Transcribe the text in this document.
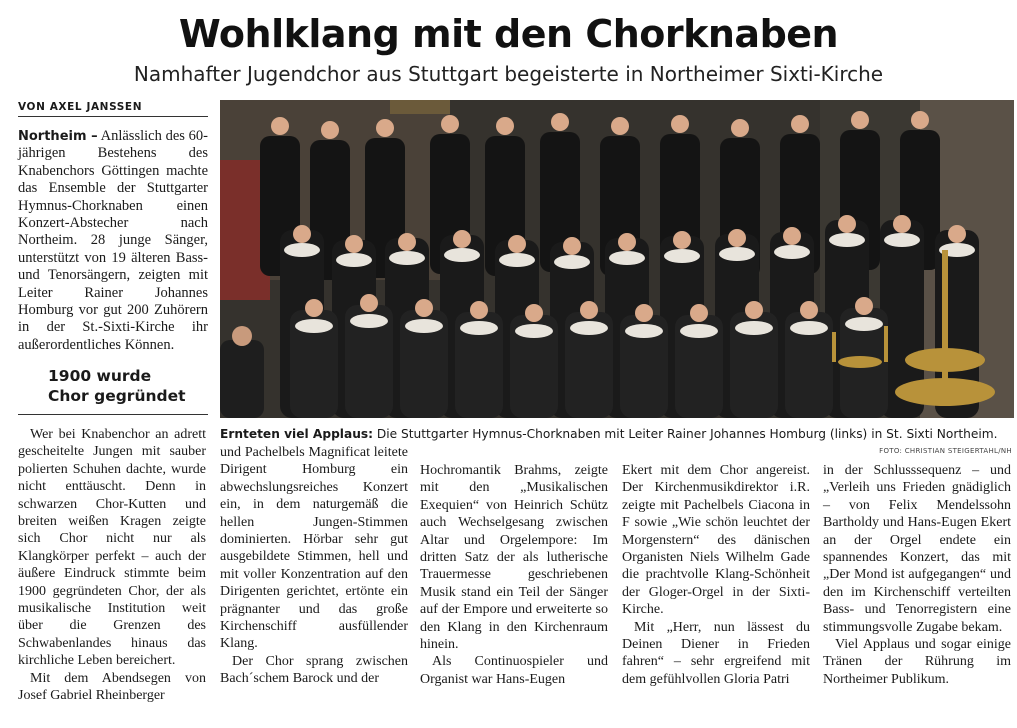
Wohlklang mit den Chorknaben
Namhafter Jugendchor aus Stuttgart begeisterte in Northeimer Sixti-Kirche
VON AXEL JANSSEN
Northeim – Anlässlich des 60-jährigen Bestehens des Knabenchors Göttingen machte das Ensemble der Stuttgarter Hymnus-Chorknaben einen Konzert-Abstecher nach Northeim. 28 junge Sänger, unterstützt von 19 älteren Bass- und Tenorsängern, zeigten mit Leiter Rainer Johannes Homburg vor gut 200 Zuhörern in der St.-Sixti-Kirche ihr außerordentliches Können.
1900 wurde
Chor gegründet
Ernteten viel Applaus: Die Stuttgarter Hymnus-Chorknaben mit Leiter Rainer Johannes Homburg (links) in St. Sixti Northeim.
FOTO: CHRISTIAN STEIGERTAHL/NH

Wer bei Knabenchor an adrett gescheitelte Jungen mit sauber polierten Schuhen dachte, wurde nicht enttäuscht. Denn in schwarzen Chor-Kutten und breiten weißen Kragen zeigte sich Chor nicht nur als Klangkörper perfekt – auch der äußere Eindruck stimmte beim 1900 gegründeten Chor, der als musikalische Institution weit über die Grenzen des Schwabenlandes hinaus das kirchliche Leben bereichert.

Mit dem Abendsegen von Josef Gabriel Rheinberger

und Pachelbels Magnificat leitete Dirigent Homburg ein abwechslungsreiches Konzert ein, in dem naturgemäß die hellen Jungen-Stimmen dominierten. Hörbar sehr gut ausgebildete Stimmen, hell und mit voller Konzentration auf den Dirigenten gerichtet, ertönte ein prägnanter und das große Kirchenschiff ausfüllender Klang.

Der Chor sprang zwischen Bach´schem Barock und der

Hochromantik Brahms, zeigte mit den „Musikalischen Exequien“ von Heinrich Schütz auch Wechselgesang zwischen Altar und Orgelempore: Im dritten Satz der als lutherische Trauermesse geschriebenen Musik stand ein Teil der Sänger auf der Empore und erweiterte so den Klang in den Kirchenraum hinein.

Als Continuospieler und Organist war Hans-Eugen

Ekert mit dem Chor angereist. Der Kirchenmusikdirektor i.R. zeigte mit Pachelbels Ciacona in F sowie „Wie schön leuchtet der Morgenstern“ des dänischen Organisten Niels Wilhelm Gade die prachtvolle Klang-Schönheit der Gloger-Orgel in der Sixti-Kirche.

Mit „Herr, nun lässest du Deinen Diener in Frieden fahren“ – sehr ergreifend mit dem gefühlvollen Gloria Patri

in der Schlusssequenz – und „Verleih uns Frieden gnädiglich – von Felix Mendelssohn Bartholdy und Hans-Eugen Ekert an der Orgel endete ein spannendes Konzert, das mit „Der Mond ist aufgegangen“ und den im Kirchenschiff verteilten Bass- und Tenorregistern eine stimmungsvolle Zugabe bekam.

Viel Applaus und sogar einige Tränen der Rührung im Northeimer Publikum.
